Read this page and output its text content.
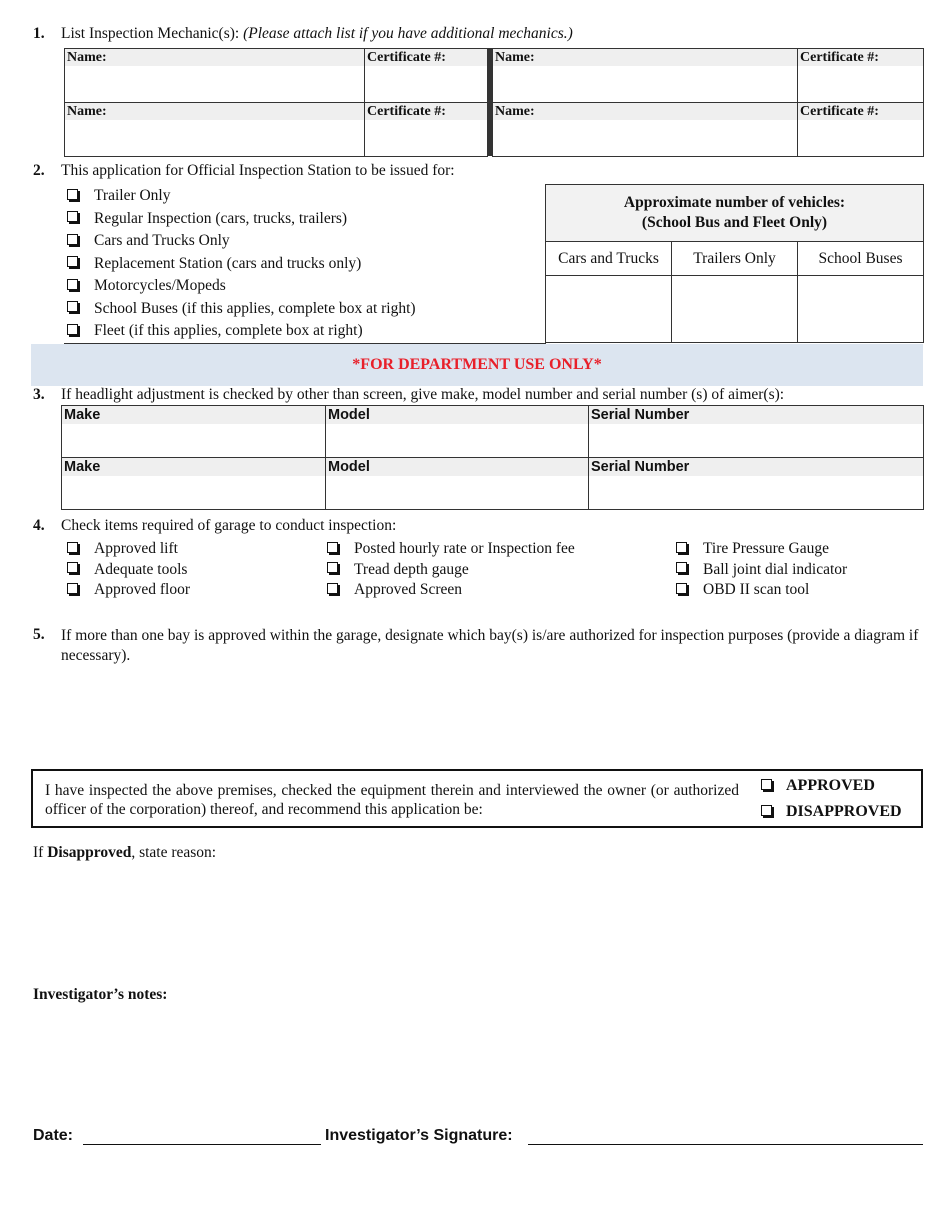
1. List Inspection Mechanic(s): (Please attach list if you have additional mechanics.)
Name:	Certificate #:

Name:	Certificate #:
Name:	Certificate #:

Name:	Certificate #:
2. This application for Official Inspection Station to be issued for:
Trailer Only
Regular Inspection (cars, trucks, trailers)
Cars and Trucks Only
Replacement Station (cars and trucks only)
Motorcycles/Mopeds
School Buses (if this applies, complete box at right)
Fleet (if this applies, complete box at right)
Approximate number of vehicles:
(School Bus and Fleet Only)		

Cars and Trucks	Trailers Only	School Buses

*FOR DEPARTMENT USE ONLY*
3. If headlight adjustment is checked by other than screen, give make, model number and serial number (s) of aimer(s):
Make	Model	Serial Number

Make	Model	Serial Number
4. Check items required of garage to conduct inspection:
Approved lift
Adequate tools
Approved floor
Posted hourly rate or Inspection fee
Tread depth gauge
Approved Screen
Tire Pressure Gauge
Ball joint dial indicator
OBD II scan tool
5. If more than one bay is approved within the garage, designate which bay(s) is/are authorized for inspection purposes (provide a diagram if necessary).
I have inspected the above premises, checked the equipment therein and interviewed the owner (or authorized officer of the corporation) thereof, and recommend this application be:
APPROVED
DISAPPROVED
If Disapproved, state reason:
Investigator’s notes:
Date:	Investigator’s Signature:
